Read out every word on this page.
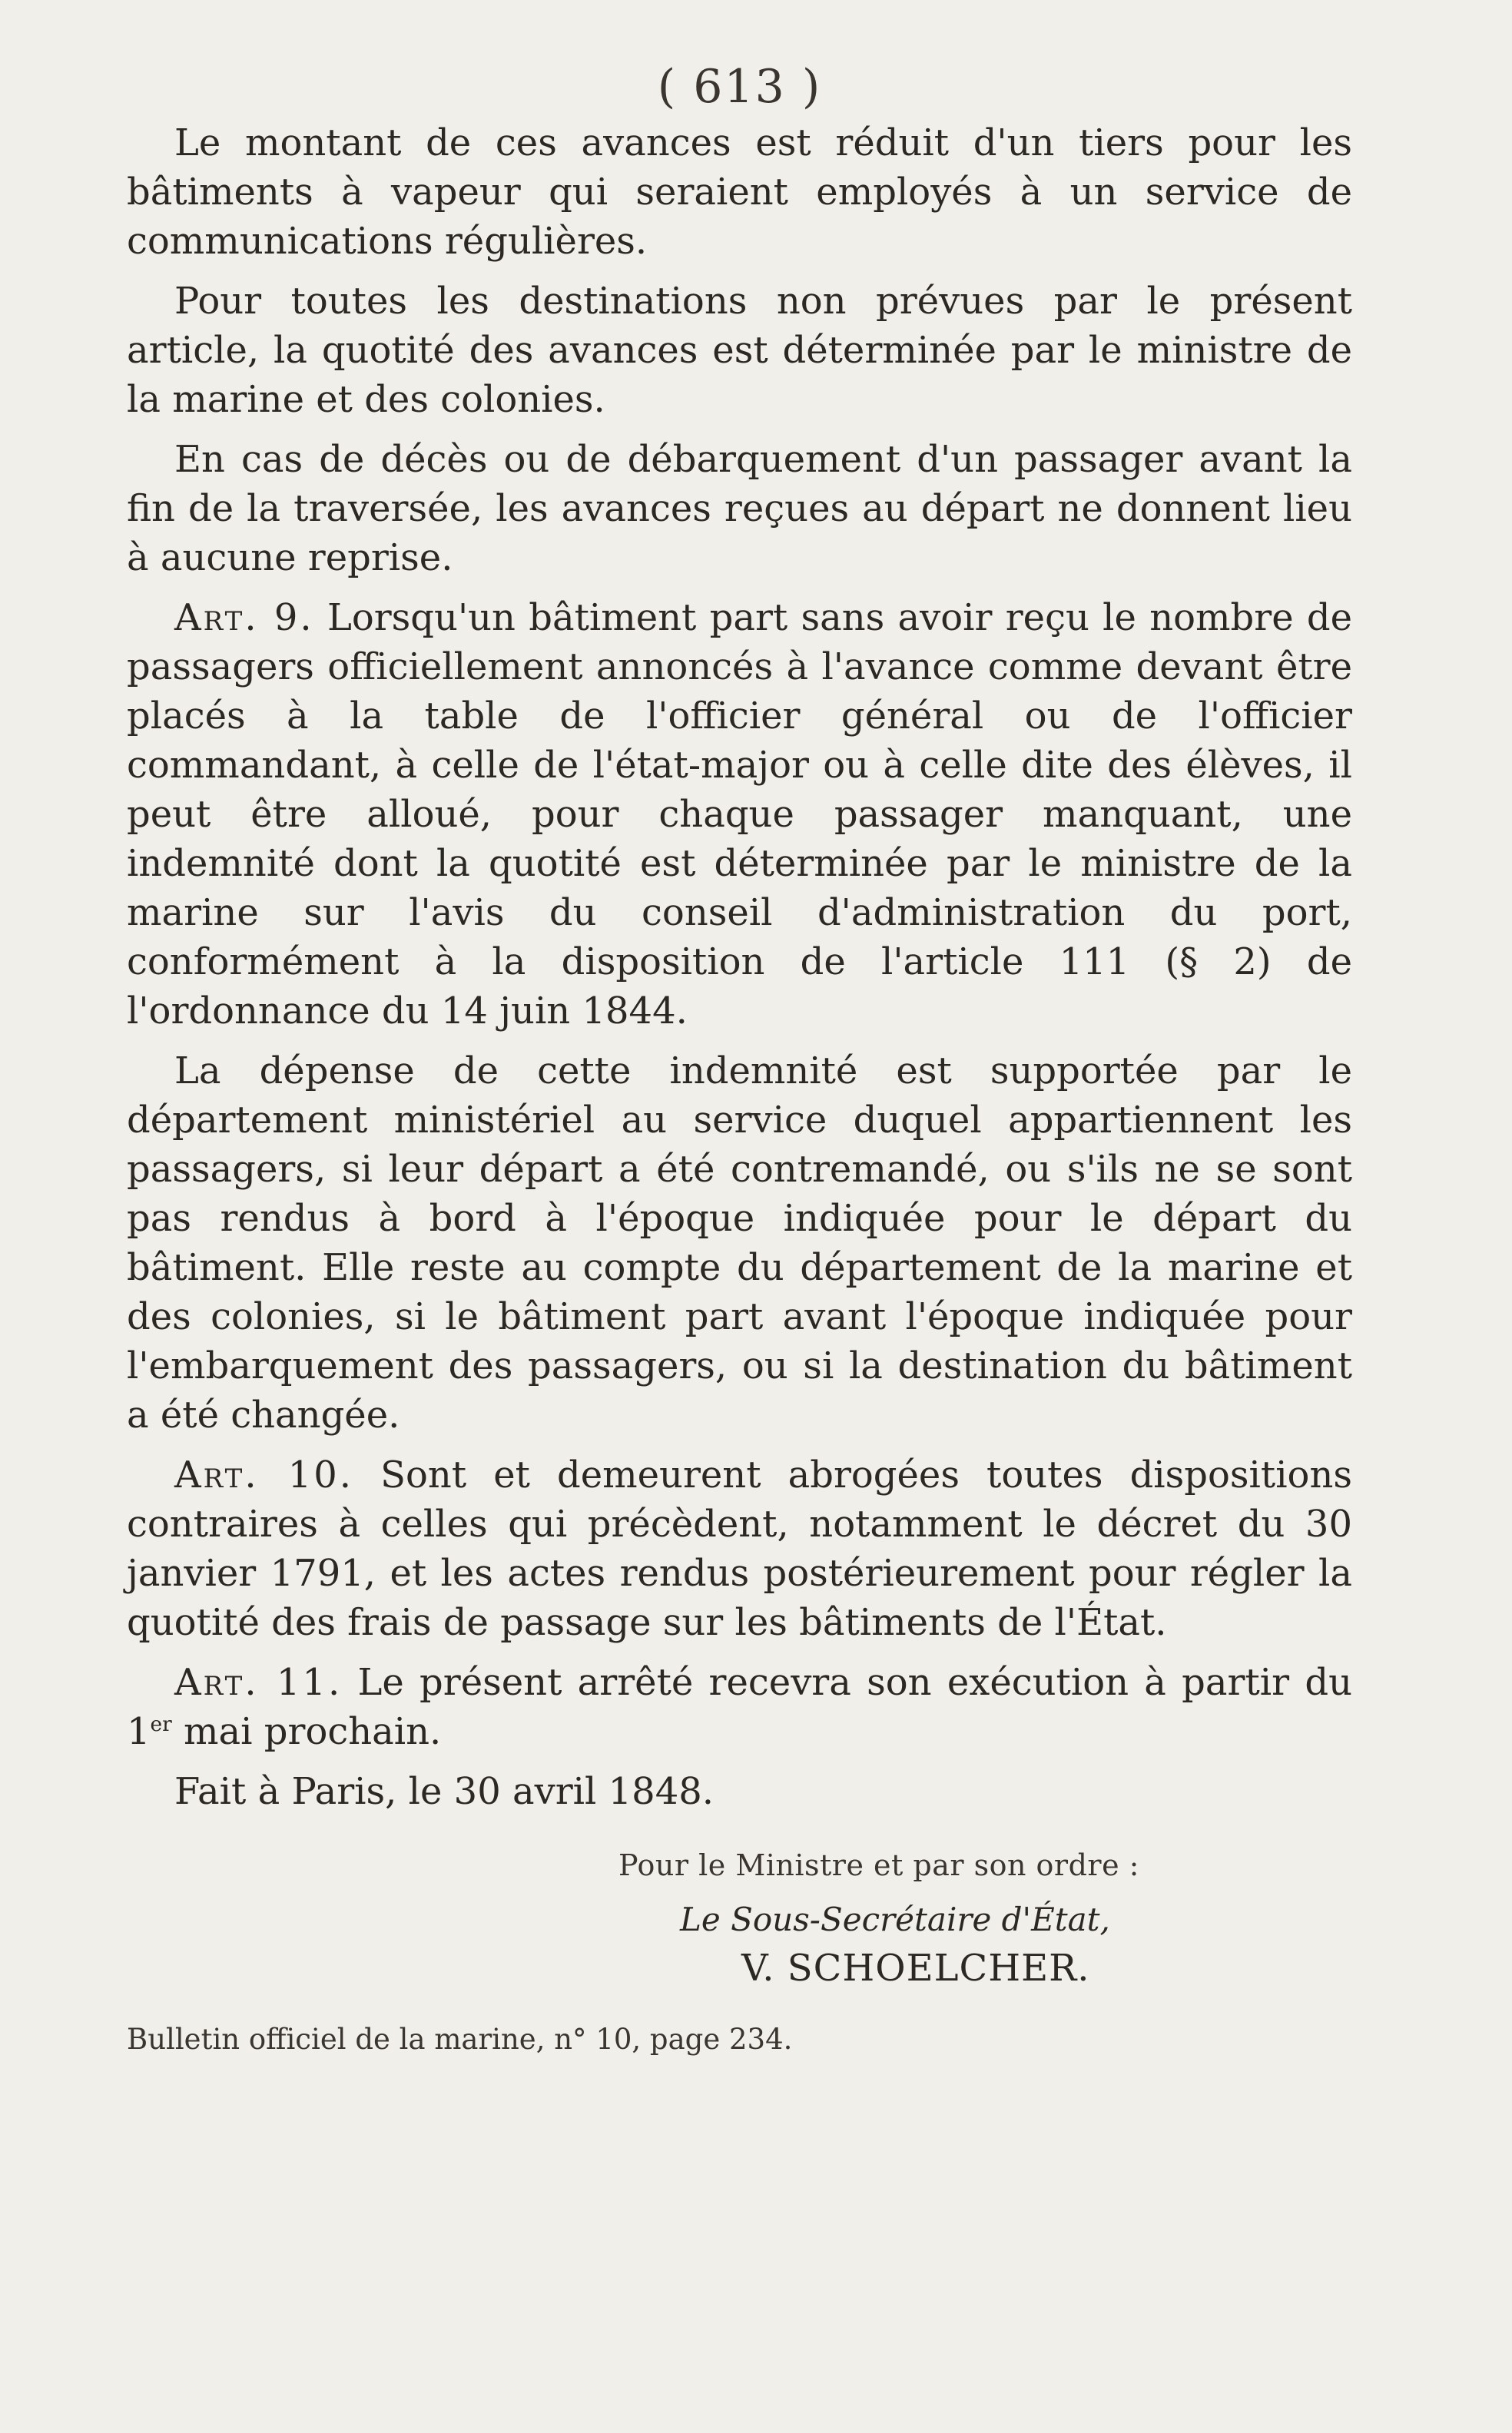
( 613 )

Le montant de ces avances est réduit d'un tiers pour les bâtiments à vapeur qui seraient employés à un service de communications régulières.

Pour toutes les destinations non prévues par le présent article, la quotité des avances est déterminée par le ministre de la marine et des colonies.

En cas de décès ou de débarquement d'un passager avant la fin de la traversée, les avances reçues au départ ne donnent lieu à aucune reprise.

Art. 9. Lorsqu'un bâtiment part sans avoir reçu le nombre de passagers officiellement annoncés à l'avance comme devant être placés à la table de l'officier général ou de l'officier commandant, à celle de l'état-major ou à celle dite des élèves, il peut être alloué, pour chaque passager manquant, une indemnité dont la quotité est déterminée par le ministre de la marine sur l'avis du conseil d'administration du port, conformément à la disposition de l'article 111 (§ 2) de l'ordonnance du 14 juin 1844.

La dépense de cette indemnité est supportée par le département ministériel au service duquel appartiennent les passagers, si leur départ a été contremandé, ou s'ils ne se sont pas rendus à bord à l'époque indiquée pour le départ du bâtiment. Elle reste au compte du département de la marine et des colonies, si le bâtiment part avant l'époque indiquée pour l'embarquement des passagers, ou si la destination du bâtiment a été changée.

Art. 10. Sont et demeurent abrogées toutes dispositions contraires à celles qui précèdent, notamment le décret du 30 janvier 1791, et les actes rendus postérieurement pour régler la quotité des frais de passage sur les bâtiments de l'État.

Art. 11. Le présent arrêté recevra son exécution à partir du 1er mai prochain.

Fait à Paris, le 30 avril 1848.
Pour le Ministre et par son ordre :
Le Sous-Secrétaire d'État,
V. SCHOELCHER.
Bulletin officiel de la marine, n° 10, page 234.
